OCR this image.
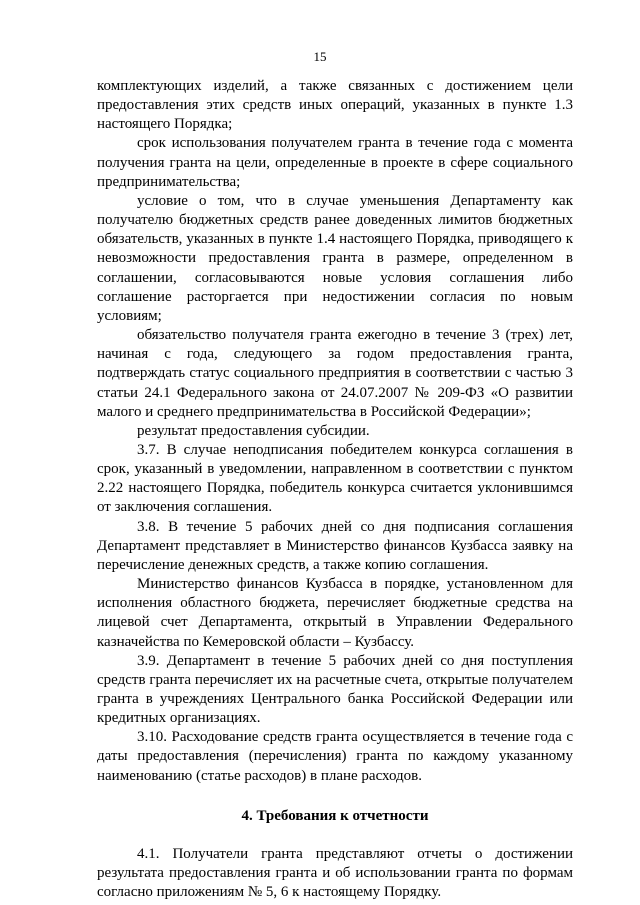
15

комплектующих изделий, а также связанных с достижением цели предоставления этих средств иных операций, указанных в пункте 1.3 настоящего Порядка;

срок использования получателем гранта в течение года с момента получения гранта на цели, определенные в проекте в сфере социального предпринимательства;

условие о том, что в случае уменьшения Департаменту как получателю бюджетных средств ранее доведенных лимитов бюджетных обязательств, указанных в пункте 1.4 настоящего Порядка, приводящего к невозможности предоставления гранта в размере, определенном в соглашении, согласовываются новые условия соглашения либо соглашение расторгается при недостижении согласия по новым условиям;

обязательство получателя гранта ежегодно в течение 3 (трех) лет, начиная с года, следующего за годом предоставления гранта, подтверждать статус социального предприятия в соответствии с частью 3 статьи 24.1 Федерального закона от 24.07.2007 № 209-ФЗ «О развитии малого и среднего предпринимательства в Российской Федерации»;

результат предоставления субсидии.

3.7. В случае неподписания победителем конкурса соглашения в срок, указанный в уведомлении, направленном в соответствии с пунктом 2.22 настоящего Порядка, победитель конкурса считается уклонившимся от заключения соглашения.

3.8. В течение 5 рабочих дней со дня подписания соглашения Департамент представляет в Министерство финансов Кузбасса заявку на перечисление денежных средств, а также копию соглашения.

Министерство финансов Кузбасса в порядке, установленном для исполнения областного бюджета, перечисляет бюджетные средства на лицевой счет Департамента, открытый в Управлении Федерального казначейства по Кемеровской области – Кузбассу.

3.9. Департамент в течение 5 рабочих дней со дня поступления средств гранта перечисляет их на расчетные счета, открытые получателем гранта в учреждениях Центрального банка Российской Федерации или кредитных организациях.

3.10. Расходование средств гранта осуществляется в течение года с даты предоставления (перечисления) гранта по каждому указанному наименованию (статье расходов) в плане расходов.

4. Требования к отчетности

4.1. Получатели гранта представляют отчеты о достижении результата предоставления гранта и об использовании гранта по формам согласно приложениям № 5, 6 к настоящему Порядку.
